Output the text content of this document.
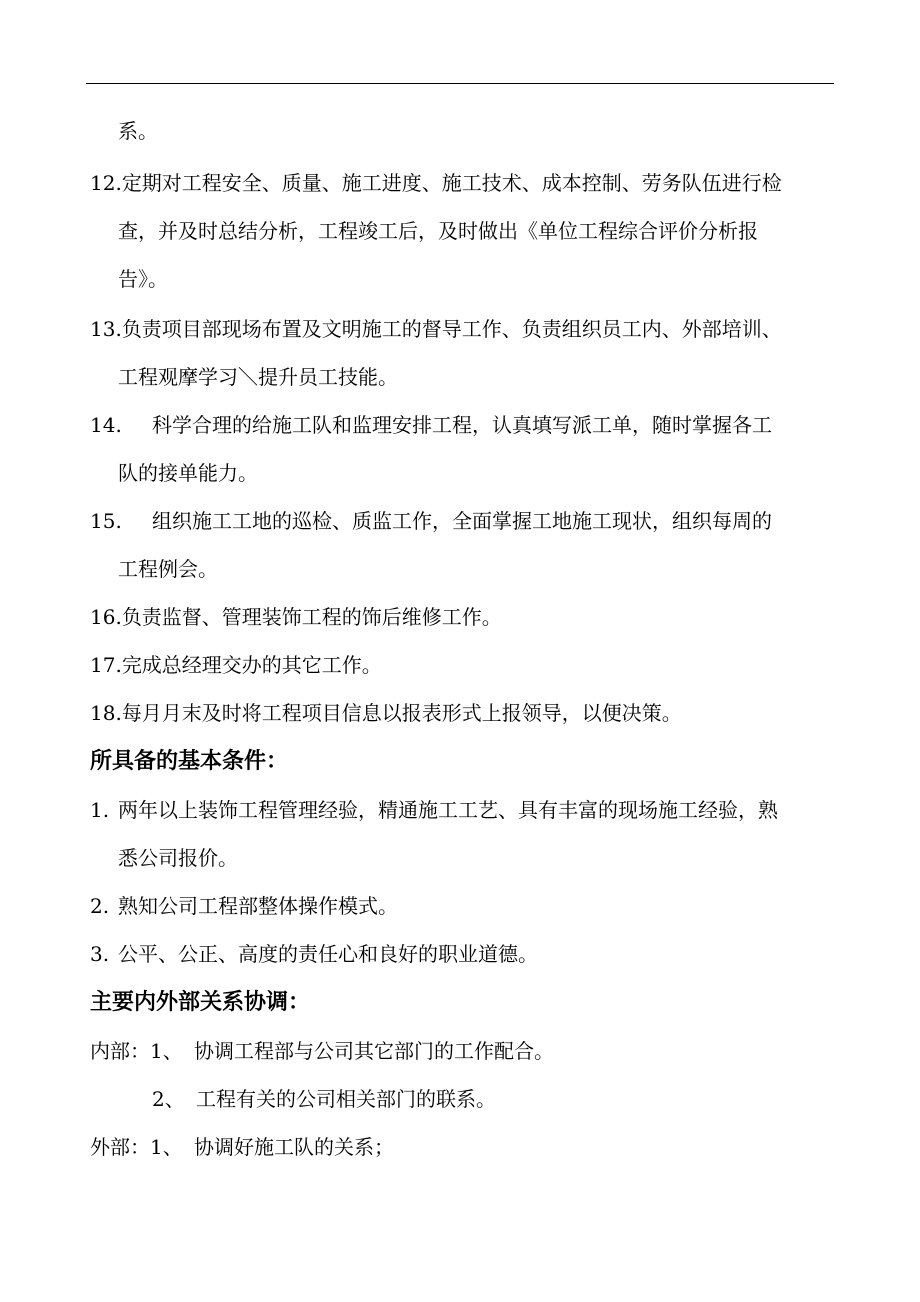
系。
12.定期对工程安全、质量、施工进度、施工技术、成本控制、劳务队伍进行检
查，并及时总结分析，工程竣工后，及时做出《单位工程综合评价分析报
告》。
13.负责项目部现场布置及文明施工的督导工作、负责组织员工内、外部培训、
工程观摩学习＼提升员工技能。
14. 科学合理的给施工队和监理安排工程，认真填写派工单，随时掌握各工
队的接单能力。
15. 组织施工工地的巡检、质监工作，全面掌握工地施工现状，组织每周的
工程例会。
16.负责监督、管理装饰工程的饰后维修工作。
17.完成总经理交办的其它工作。
18.每月月末及时将工程项目信息以报表形式上报领导，以便决策。
所具备的基本条件：
1. 两年以上装饰工程管理经验，精通施工工艺、具有丰富的现场施工经验，熟
悉公司报价。
2. 熟知公司工程部整体操作模式。
3. 公平、公正、高度的责任心和良好的职业道德。
主要内外部关系协调：
内部：1、 协调工程部与公司其它部门的工作配合。
2、 工程有关的公司相关部门的联系。
外部：1、 协调好施工队的关系；
